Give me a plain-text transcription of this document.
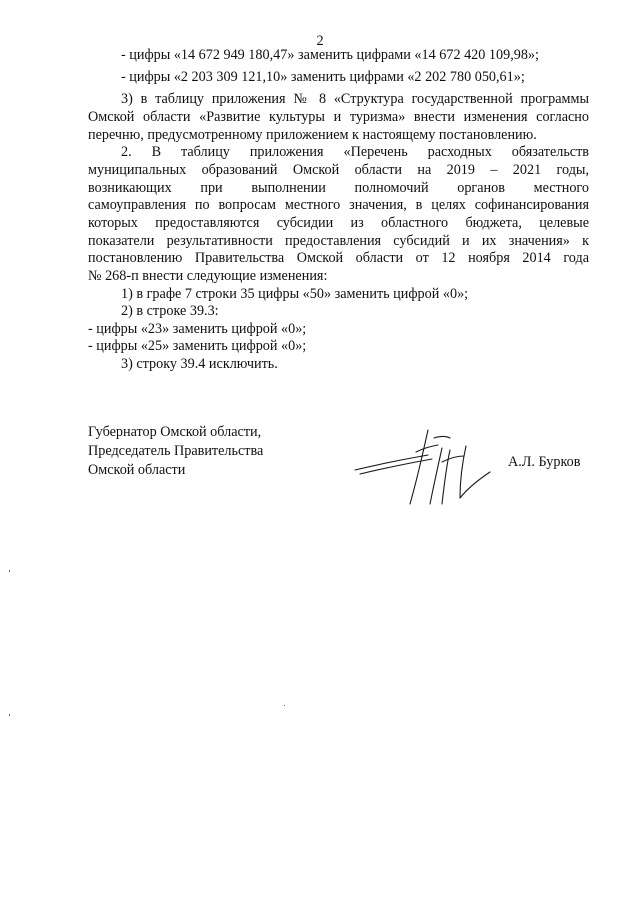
2
- цифры «14 672 949 180,47» заменить цифрами «14 672 420 109,98»;
- цифры «2 203 309 121,10» заменить цифрами «2 202 780 050,61»;
3) в таблицу приложения № 8 «Структура государственной программы
Омской области «Развитие культуры и туризма» внести изменения согласно
перечню, предусмотренному приложением к настоящему постановлению.
2. В таблицу приложения «Перечень расходных обязательств
муниципальных образований Омской области на 2019 – 2021 годы,
возникающих при выполнении полномочий органов местного
самоуправления по вопросам местного значения, в целях софинансирования
которых предоставляются субсидии из областного бюджета, целевые
показатели результативности предоставления субсидий и их значения» к
постановлению Правительства Омской области от 12 ноября 2014 года
№ 268-п внести следующие изменения:
1) в графе 7 строки 35 цифры «50» заменить цифрой «0»;
2) в строке 39.3:
- цифры «23» заменить цифрой «0»;
- цифры «25» заменить цифрой «0»;
3) строку 39.4 исключить.
Губернатор Омской области,
Председатель Правительства
Омской области	А.Л. Бурков
